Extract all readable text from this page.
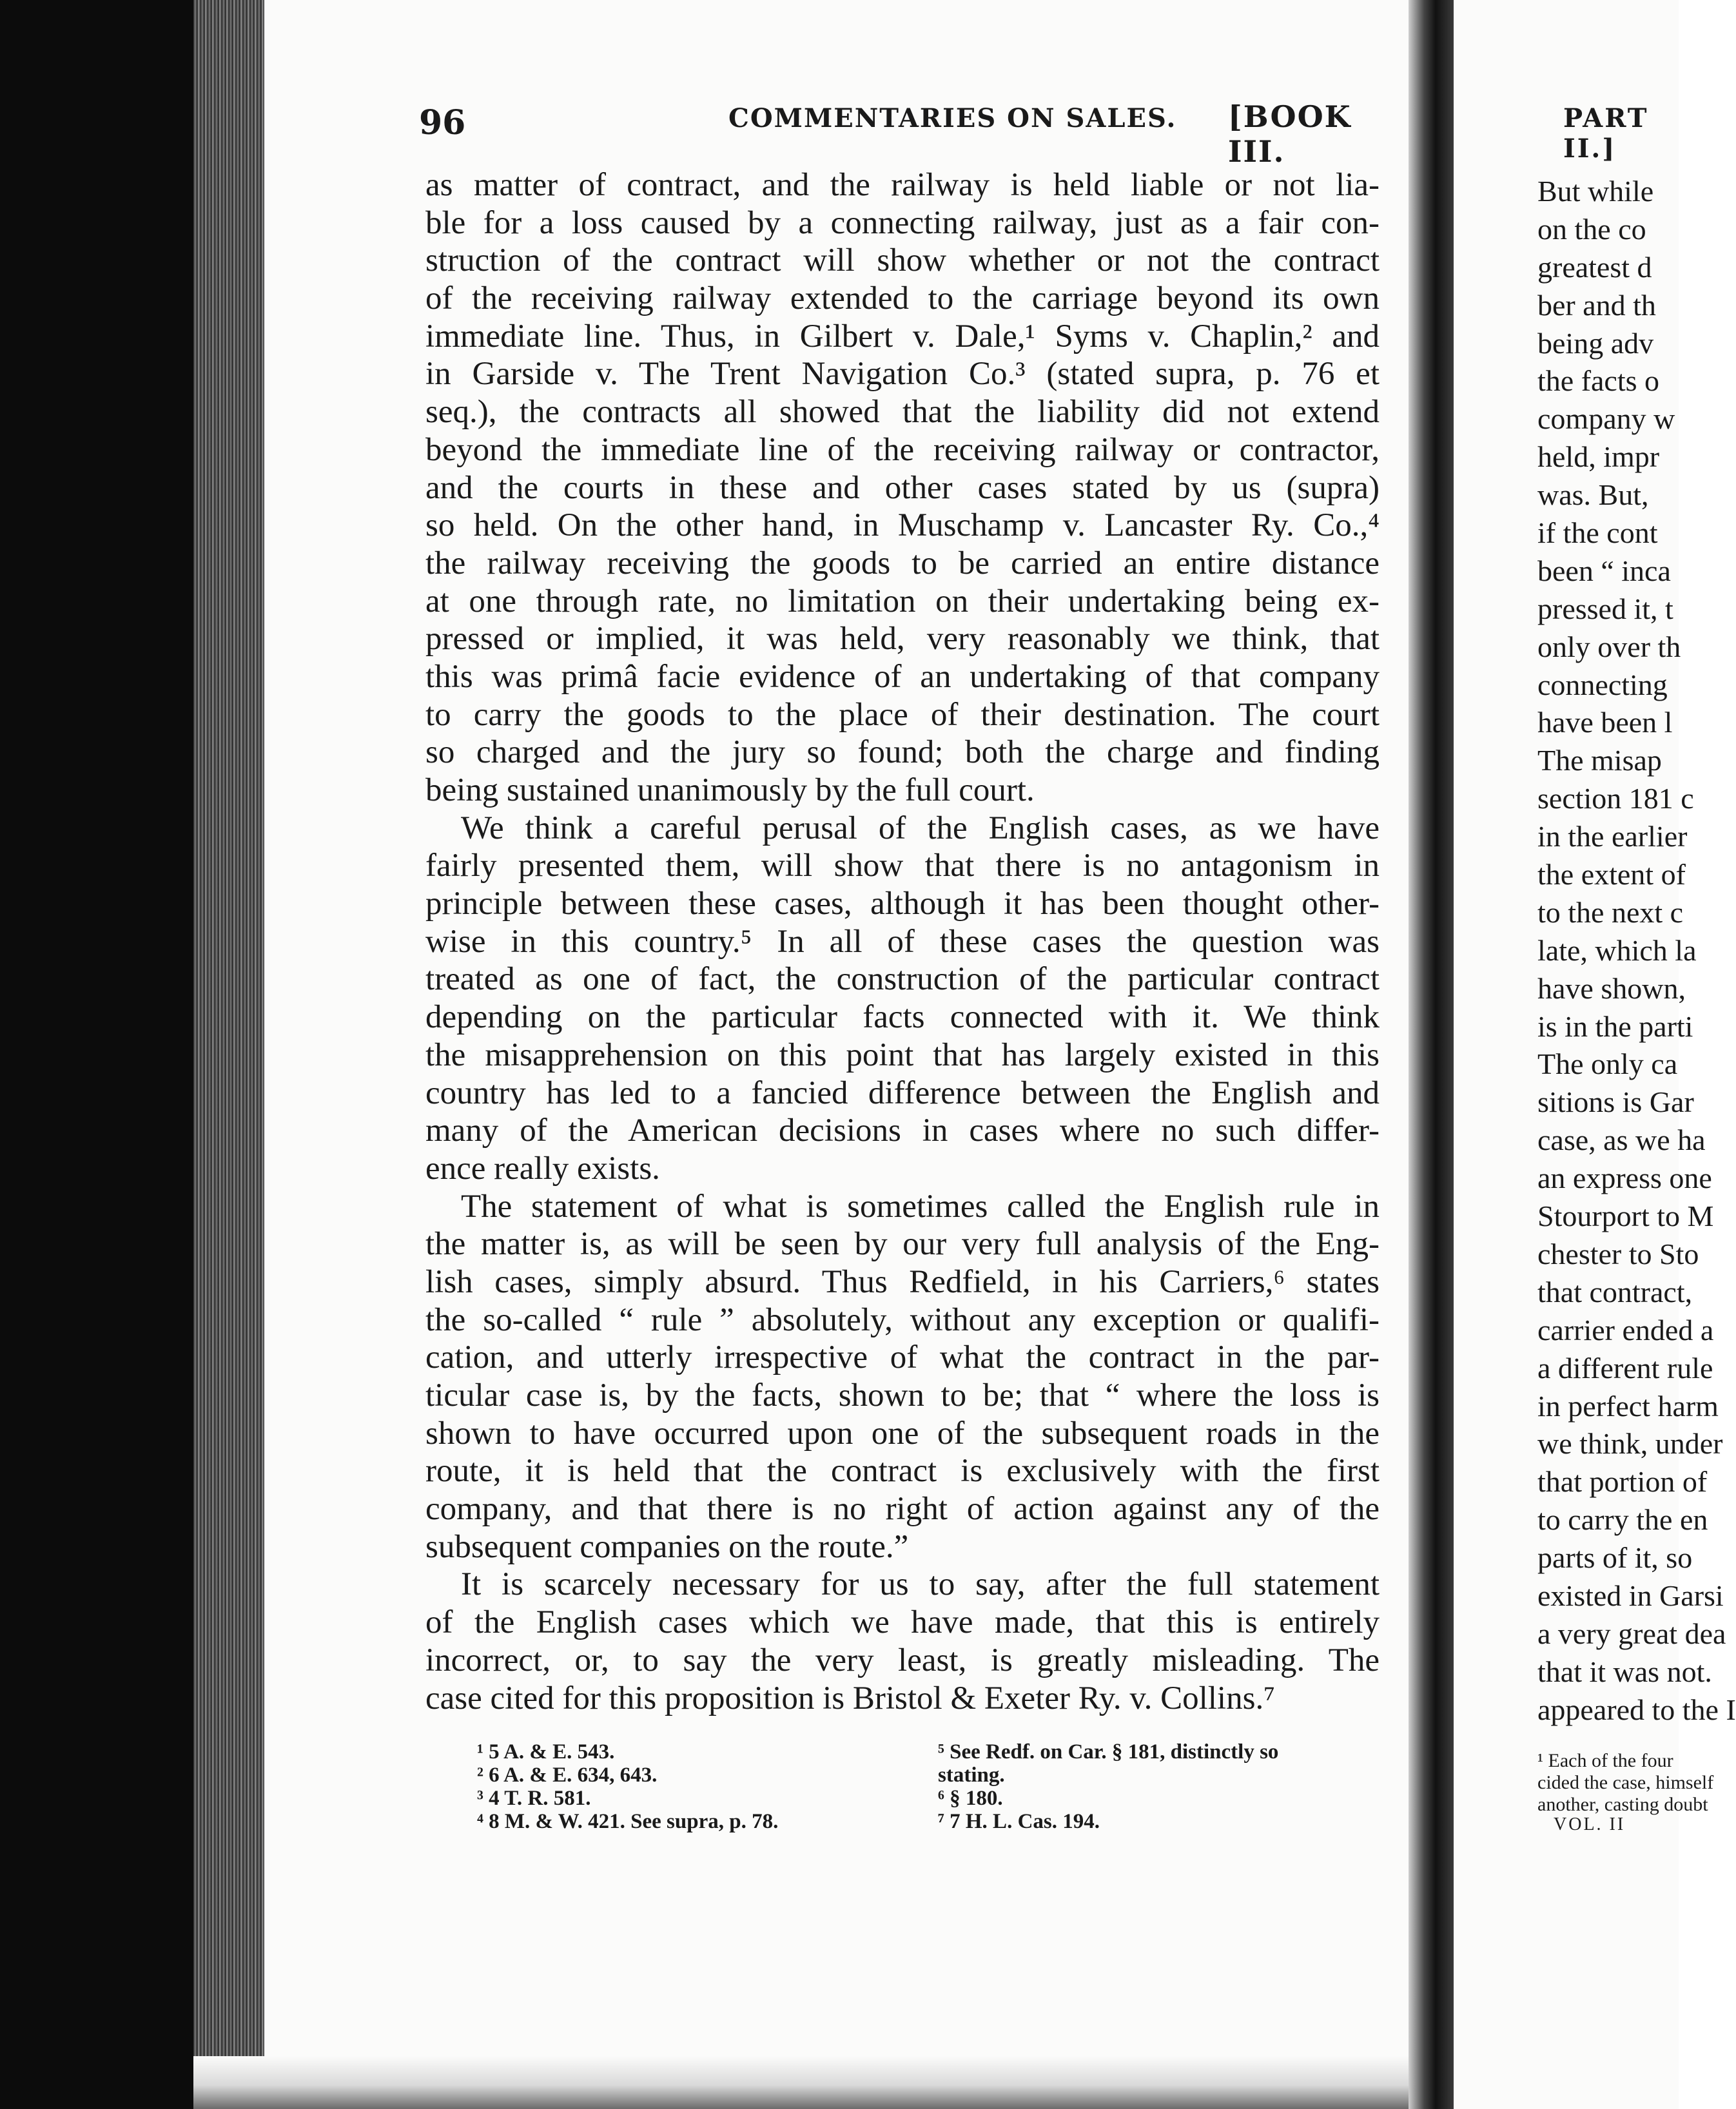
PART II.]
But while
on the co
greatest d
ber and th
being adv
the facts o
company w
held, impr
was. But,
if the cont
been “ inca
pressed it, t
only over th
connecting
have been l
The misap
section 181 c
in the earlier
the extent of
to the next c
late, which la
have shown,
is in the parti
The only ca
sitions is Gar
case, as we ha
an express one
Stourport to M
chester to Sto
that contract,
carrier ended a
a different rule
in perfect harm
we think, under
that portion of
to carry the en
parts of it, so
existed in Garsi
a very great dea
that it was not.
appeared to the I
¹ Each of the four
cided the case, himself
another, casting doubt
VOL. II
96	COMMENTARIES ON SALES. [BOOK III.
as matter of contract, and the railway is held liable or not lia-
ble for a loss caused by a connecting railway, just as a fair con-
struction of the contract will show whether or not the contract
of the receiving railway extended to the carriage beyond its own
immediate line. Thus, in Gilbert v. Dale,¹ Syms v. Chaplin,² and
in Garside v. The Trent Navigation Co.³ (stated supra, p. 76 et
seq.), the contracts all showed that the liability did not extend
beyond the immediate line of the receiving railway or contractor,
and the courts in these and other cases stated by us (supra)
so held. On the other hand, in Muschamp v. Lancaster Ry. Co.,⁴
the railway receiving the goods to be carried an entire distance
at one through rate, no limitation on their undertaking being ex-
pressed or implied, it was held, very reasonably we think, that
this was primâ facie evidence of an undertaking of that company
to carry the goods to the place of their destination. The court
so charged and the jury so found; both the charge and finding
being sustained unanimously by the full court.
We think a careful perusal of the English cases, as we have
fairly presented them, will show that there is no antagonism in
principle between these cases, although it has been thought other-
wise in this country.⁵ In all of these cases the question was
treated as one of fact, the construction of the particular contract
depending on the particular facts connected with it. We think
the misapprehension on this point that has largely existed in this
country has led to a fancied difference between the English and
many of the American decisions in cases where no such differ-
ence really exists.
The statement of what is sometimes called the English rule in
the matter is, as will be seen by our very full analysis of the Eng-
lish cases, simply absurd. Thus Redfield, in his Carriers,⁶ states
the so-called “ rule ” absolutely, without any exception or qualifi-
cation, and utterly irrespective of what the contract in the par-
ticular case is, by the facts, shown to be; that “ where the loss is
shown to have occurred upon one of the subsequent roads in the
route, it is held that the contract is exclusively with the first
company, and that there is no right of action against any of the
subsequent companies on the route.”
It is scarcely necessary for us to say, after the full statement
of the English cases which we have made, that this is entirely
incorrect, or, to say the very least, is greatly misleading. The
case cited for this proposition is Bristol & Exeter Ry. v. Collins.⁷
¹ 5 A. & E. 543.
² 6 A. & E. 634, 643.
³ 4 T. R. 581.
⁴ 8 M. & W. 421. See supra, p. 78.
⁵ See Redf. on Car. § 181, distinctly so
stating.
⁶ § 180.
⁷ 7 H. L. Cas. 194.
